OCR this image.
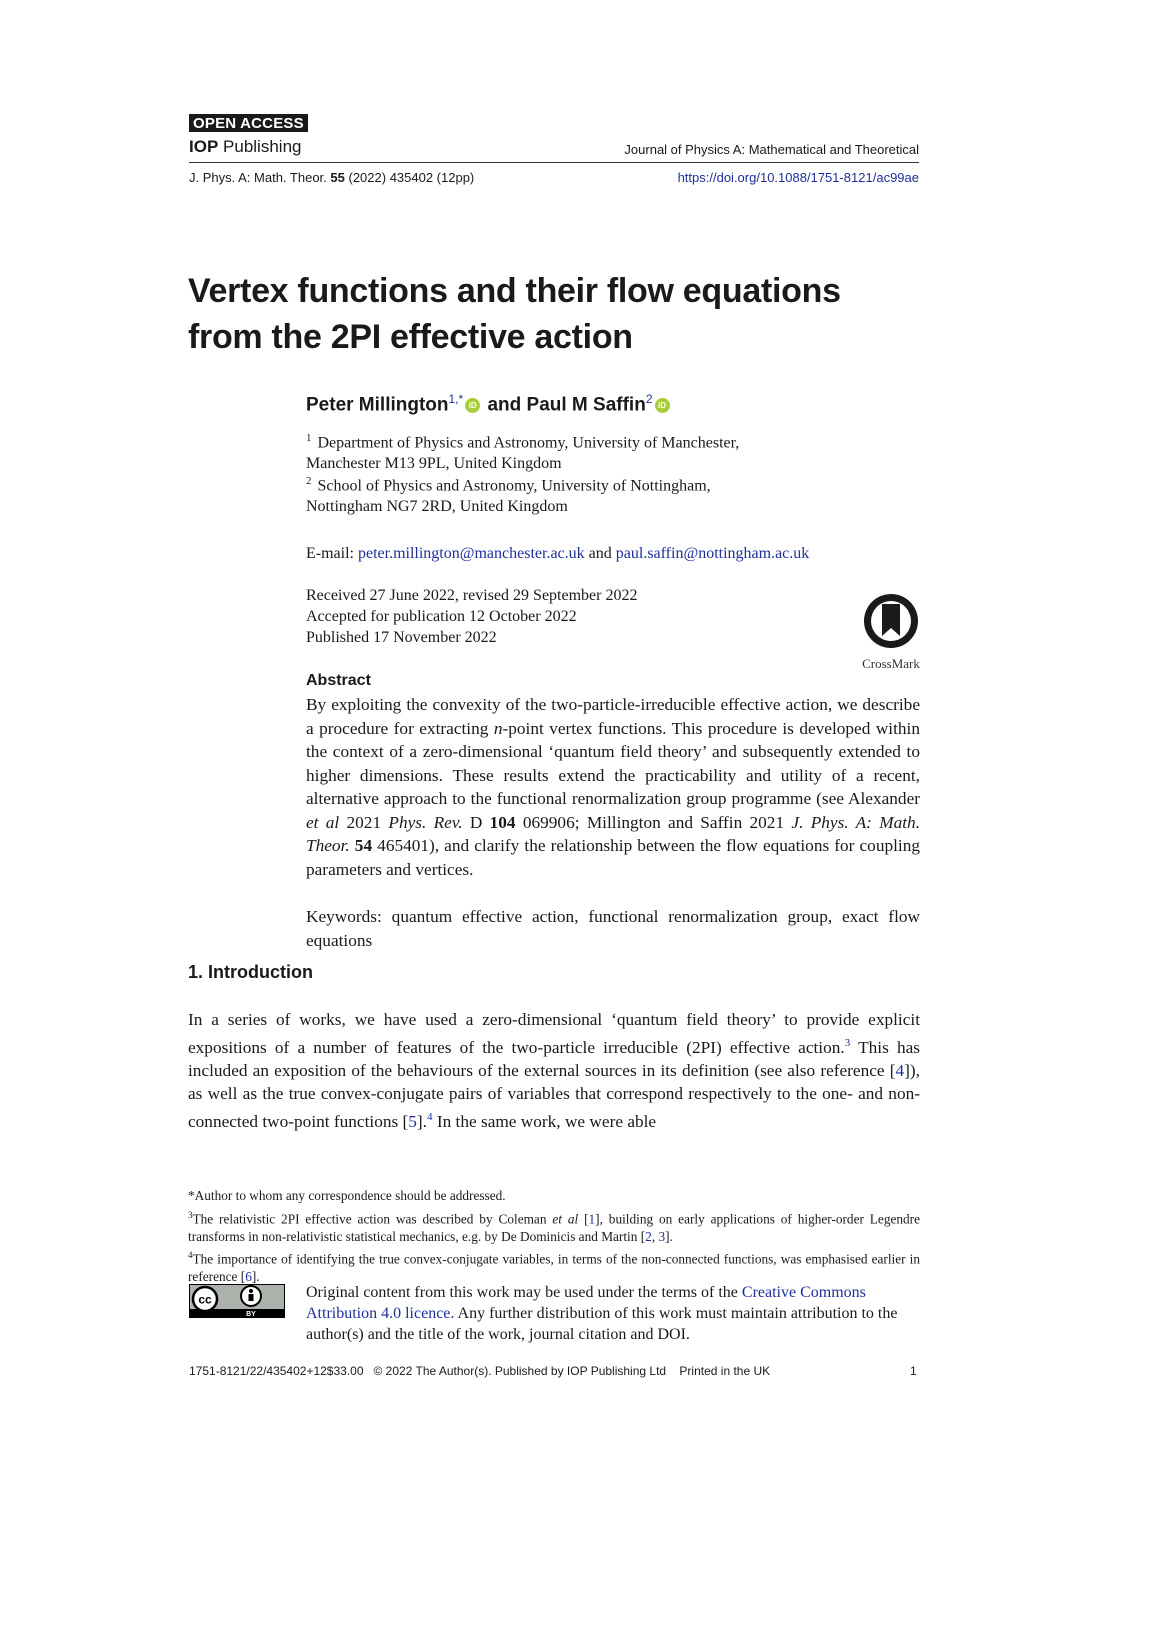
OPEN ACCESS
IOP Publishing	Journal of Physics A: Mathematical and Theoretical
J. Phys. A: Math. Theor. 55 (2022) 435402 (12pp)	https://doi.org/10.1088/1751-8121/ac99ae
Vertex functions and their flow equations
from the 2PI effective action
Peter Millington$^{1,*}$ iD and Paul M Saffin$^2$ iD
$^1$ Department of Physics and Astronomy, University of Manchester,
Manchester M13 9PL, United Kingdom
$^2$ School of Physics and Astronomy, University of Nottingham,
Nottingham NG7 2RD, United Kingdom
E-mail: peter.millington@manchester.ac.uk and paul.saffin@nottingham.ac.uk
Received 27 June 2022, revised 29 September 2022
Accepted for publication 12 October 2022
Published 17 November 2022
CrossMark
Abstract
By exploiting the convexity of the two-particle-irreducible effective action, we describe a procedure for extracting n-point vertex functions. This procedure is developed within the context of a zero-dimensional ‘quantum field theory’ and subsequently extended to higher dimensions. These results extend the practicability and utility of a recent, alternative approach to the functional renormalization group programme (see Alexander et al 2021 Phys. Rev. D 104 069906; Millington and Saffin 2021 J. Phys. A: Math. Theor. 54 465401), and clarify the relationship between the flow equations for coupling parameters and vertices.
Keywords: quantum effective action, functional renormalization group, exact flow equations
1. Introduction
In a series of works, we have used a zero-dimensional ‘quantum field theory’ to provide explicit expositions of a number of features of the two-particle irreducible (2PI) effective action.$^3$ This has included an exposition of the behaviours of the external sources in its definition (see also reference [4]), as well as the true convex-conjugate pairs of variables that correspond respectively to the one- and non-connected two-point functions [5].$^4$ In the same work, we were able
*Author to whom any correspondence should be addressed.
$^3$The relativistic 2PI effective action was described by Coleman et al [1], building on early applications of higher-order Legendre transforms in non-relativistic statistical mechanics, e.g. by De Dominicis and Martin [2, 3].
$^4$The importance of identifying the true convex-conjugate variables, in terms of the non-connected functions, was emphasised earlier in reference [6].
cc
BY
Original content from this work may be used under the terms of the Creative Commons Attribution 4.0 licence. Any further distribution of this work must maintain attribution to the author(s) and the title of the work, journal citation and DOI.
1751-8121/22/435402+12$33.00   © 2022 The Author(s). Published by IOP Publishing Ltd    Printed in the UK	1
